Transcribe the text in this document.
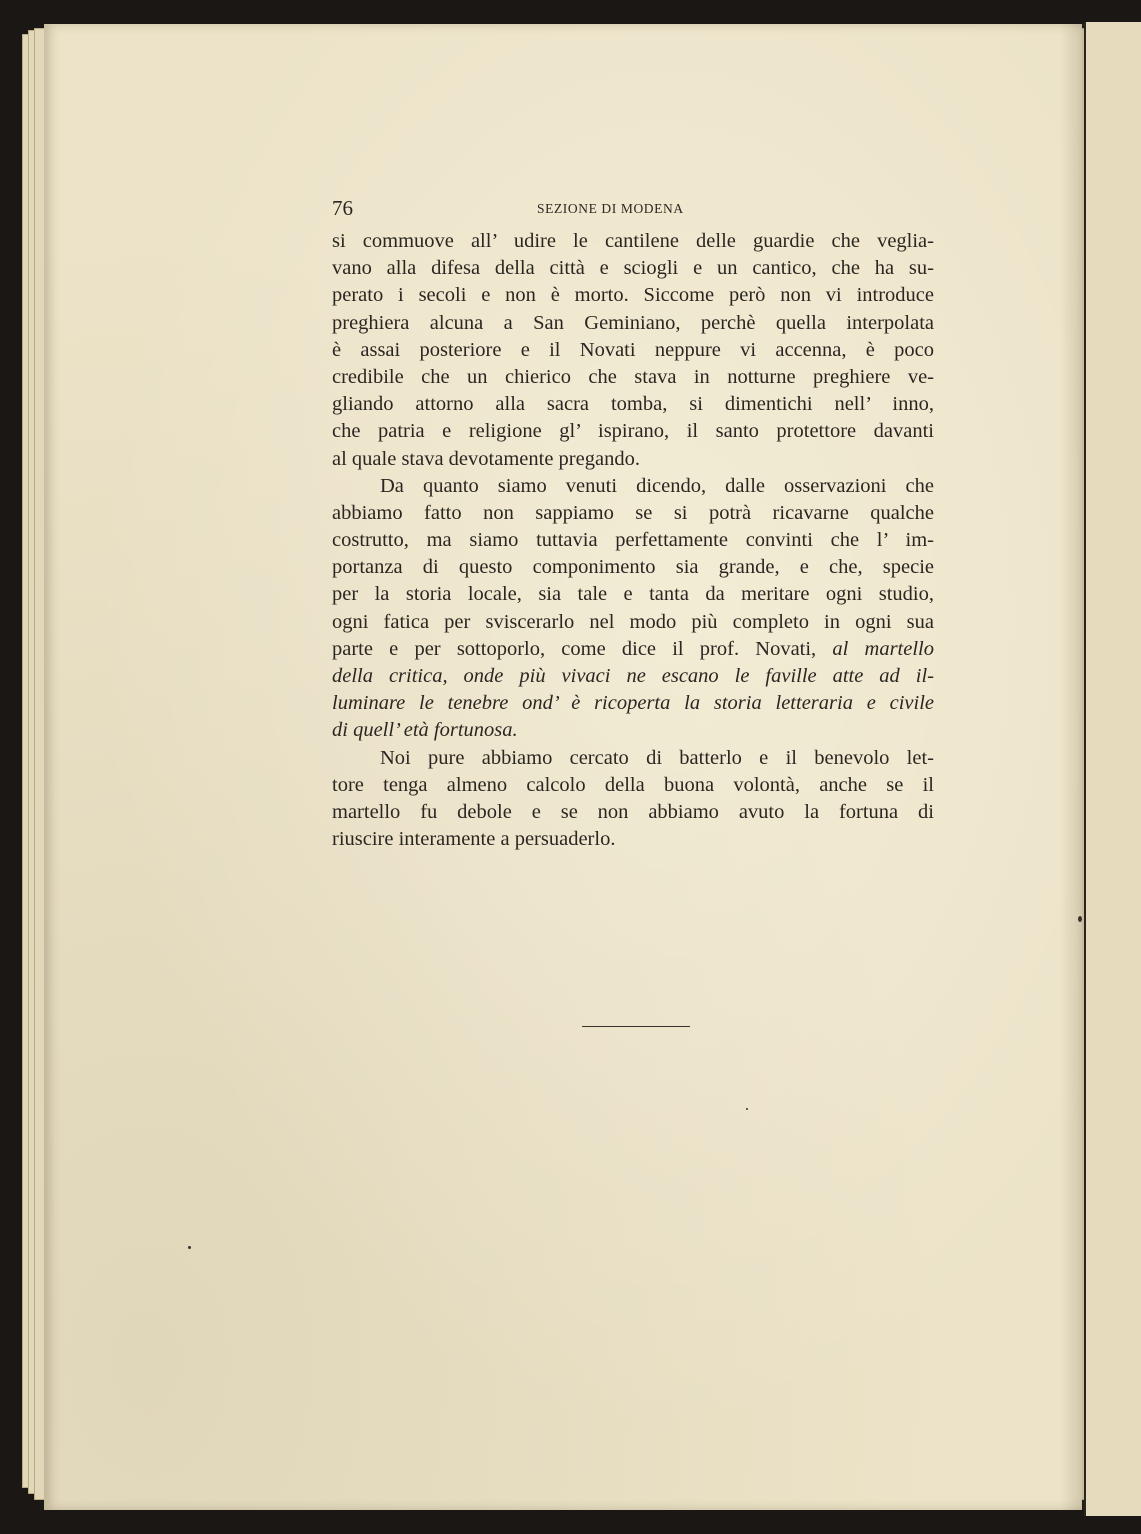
76	SEZIONE DI MODENA
si commuove all’ udire le cantilene delle guardie che veglia-
vano alla difesa della città e sciogli e un cantico, che ha su-
perato i secoli e non è morto. Siccome però non vi introduce
preghiera alcuna a San Geminiano, perchè quella interpolata
è assai posteriore e il Novati neppure vi accenna, è poco
credibile che un chierico che stava in notturne preghiere ve-
gliando attorno alla sacra tomba, si dimentichi nell’ inno,
che patria e religione gl’ ispirano, il santo protettore davanti
al quale stava devotamente pregando.
Da quanto siamo venuti dicendo, dalle osservazioni che
abbiamo fatto non sappiamo se si potrà ricavarne qualche
costrutto, ma siamo tuttavia perfettamente convinti che l’ im-
portanza di questo componimento sia grande, e che, specie
per la storia locale, sia tale e tanta da meritare ogni studio,
ogni fatica per sviscerarlo nel modo più completo in ogni sua
parte e per sottoporlo, come dice il prof. Novati, al martello
della critica, onde più vivaci ne escano le faville atte ad il-
luminare le tenebre ond’ è ricoperta la storia letteraria e civile
di quell’ età fortunosa.
Noi pure abbiamo cercato di batterlo e il benevolo let-
tore tenga almeno calcolo della buona volontà, anche se il
martello fu debole e se non abbiamo avuto la fortuna di
riuscire interamente a persuaderlo.
